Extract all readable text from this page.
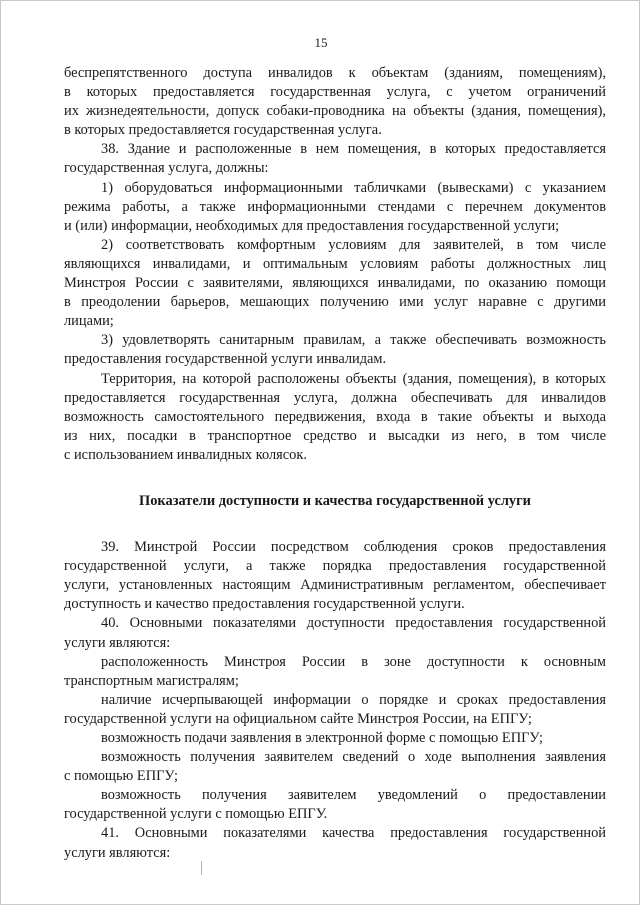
15

беспрепятственного доступа инвалидов к объектам (зданиям, помещениям),

в которых предоставляется государственная услуга, с учетом ограничений

их жизнедеятельности, допуск собаки-проводника на объекты (здания, помещения),

в которых предоставляется государственная услуга.

38. Здание и расположенные в нем помещения, в которых предоставляется

государственная услуга, должны:

1) оборудоваться информационными табличками (вывесками) с указанием

режима работы, а также информационными стендами с перечнем документов

и (или) информации, необходимых для предоставления государственной услуги;

2) соответствовать комфортным условиям для заявителей, в том числе

являющихся инвалидами, и оптимальным условиям работы должностных лиц

Минстроя России с заявителями, являющихся инвалидами, по оказанию помощи

в преодолении барьеров, мешающих получению ими услуг наравне с другими

лицами;

3) удовлетворять санитарным правилам, а также обеспечивать возможность

предоставления государственной услуги инвалидам.

Территория, на которой расположены объекты (здания, помещения), в которых

предоставляется государственная услуга, должна обеспечивать для инвалидов

возможность самостоятельного передвижения, входа в такие объекты и выхода

из них, посадки в транспортное средство и высадки из него, в том числе

с использованием инвалидных колясок.

Показатели доступности и качества государственной услуги

39. Минстрой России посредством соблюдения сроков предоставления

государственной услуги, а также порядка предоставления государственной

услуги, установленных настоящим Административным регламентом, обеспечивает

доступность и качество предоставления государственной услуги.

40. Основными показателями доступности предоставления государственной

услуги являются:

расположенность Минстроя России в зоне доступности к основным

транспортным магистралям;

наличие исчерпывающей информации о порядке и сроках предоставления

государственной услуги на официальном сайте Минстроя России, на ЕПГУ;

возможность подачи заявления в электронной форме с помощью ЕПГУ;

возможность получения заявителем сведений о ходе выполнения заявления

с помощью ЕПГУ;

возможность получения заявителем уведомлений о предоставлении

государственной услуги с помощью ЕПГУ.

41. Основными показателями качества предоставления государственной

услуги являются:
